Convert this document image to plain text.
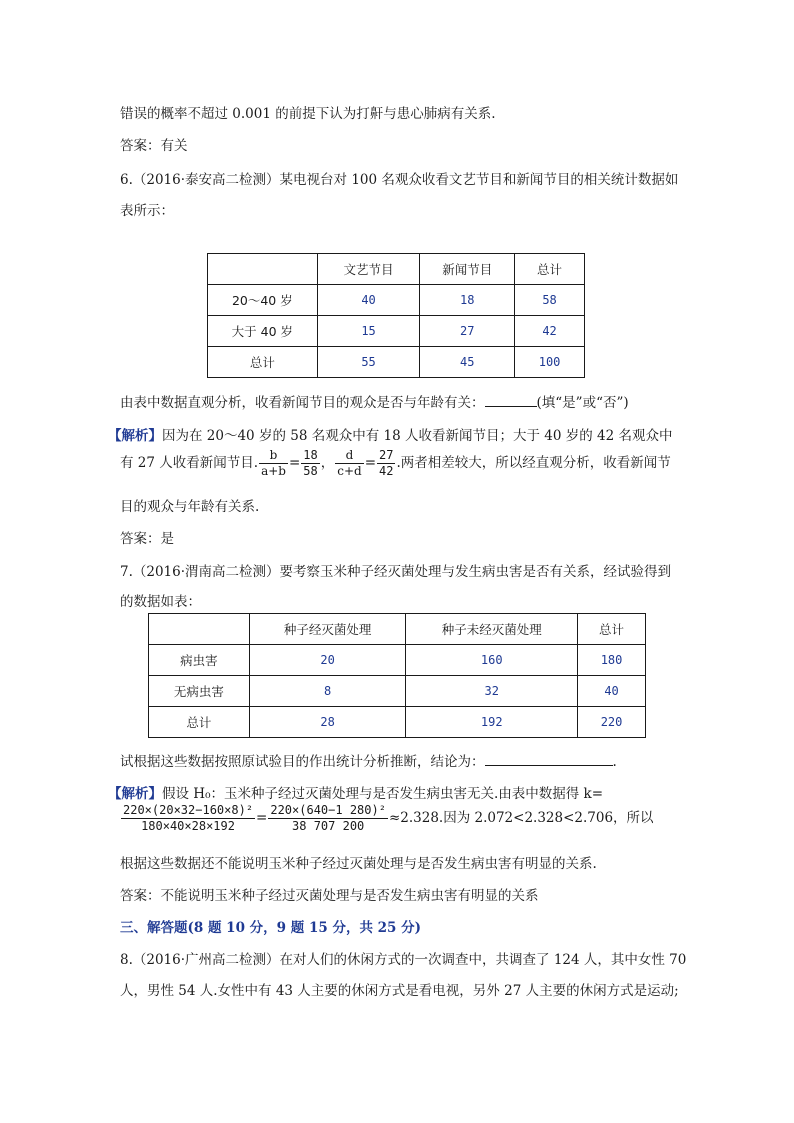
错误的概率不超过 0.001 的前提下认为打鼾与患心肺病有关系.
答案：有关
6.（2016·泰安高二检测）某电视台对 100 名观众收看文艺节目和新闻节目的相关统计数据如
表所示：
	文艺节目	新闻节目	总计
20～40 岁	40	18	58
大于 40 岁	15	27	42
总计	55	45	100
由表中数据直观分析，收看新闻节目的观众是否与年龄有关：	(填“是”或“否”)
【解析】因为在 20～40 岁的 58 名观众中有 18 人收看新闻节目；大于 40 岁的 42 名观众中
有 27 人收看新闻节目. $\frac{b}{a+b} = \frac{18}{58}$ ， $\frac{d}{c+d} = \frac{27}{42}$ .两者相差较大，所以经直观分析，收看新闻节
目的观众与年龄有关系.
答案：是
7.（2016·渭南高二检测）要考察玉米种子经灭菌处理与发生病虫害是否有关系，经试验得到
的数据如表：
	种子经灭菌处理	种子未经灭菌处理	总计
病虫害	20	160	180
无病虫害	8	32	40
总计	28	192	220
试根据这些数据按照原试验目的作出统计分析推断，结论为：	.
【解析】假设 H₀：玉米种子经过灭菌处理与是否发生病虫害无关.由表中数据得 k=
$\frac{\text{220×(20×32−160×8)²}}{180\times 40\times 28\times 192} = \frac{\text{220×(640−1 280)²}}{38 707 200} \approx 2.328$.因为 2.072<2.328<2.706，所以
根据这些数据还不能说明玉米种子经过灭菌处理与是否发生病虫害有明显的关系.
答案：不能说明玉米种子经过灭菌处理与是否发生病虫害有明显的关系
三、解答题(8 题 10 分，9 题 15 分，共 25 分)
8.（2016·广州高二检测）在对人们的休闲方式的一次调查中，共调查了 124 人，其中女性 70
人，男性 54 人.女性中有 43 人主要的休闲方式是看电视，另外 27 人主要的休闲方式是运动;
